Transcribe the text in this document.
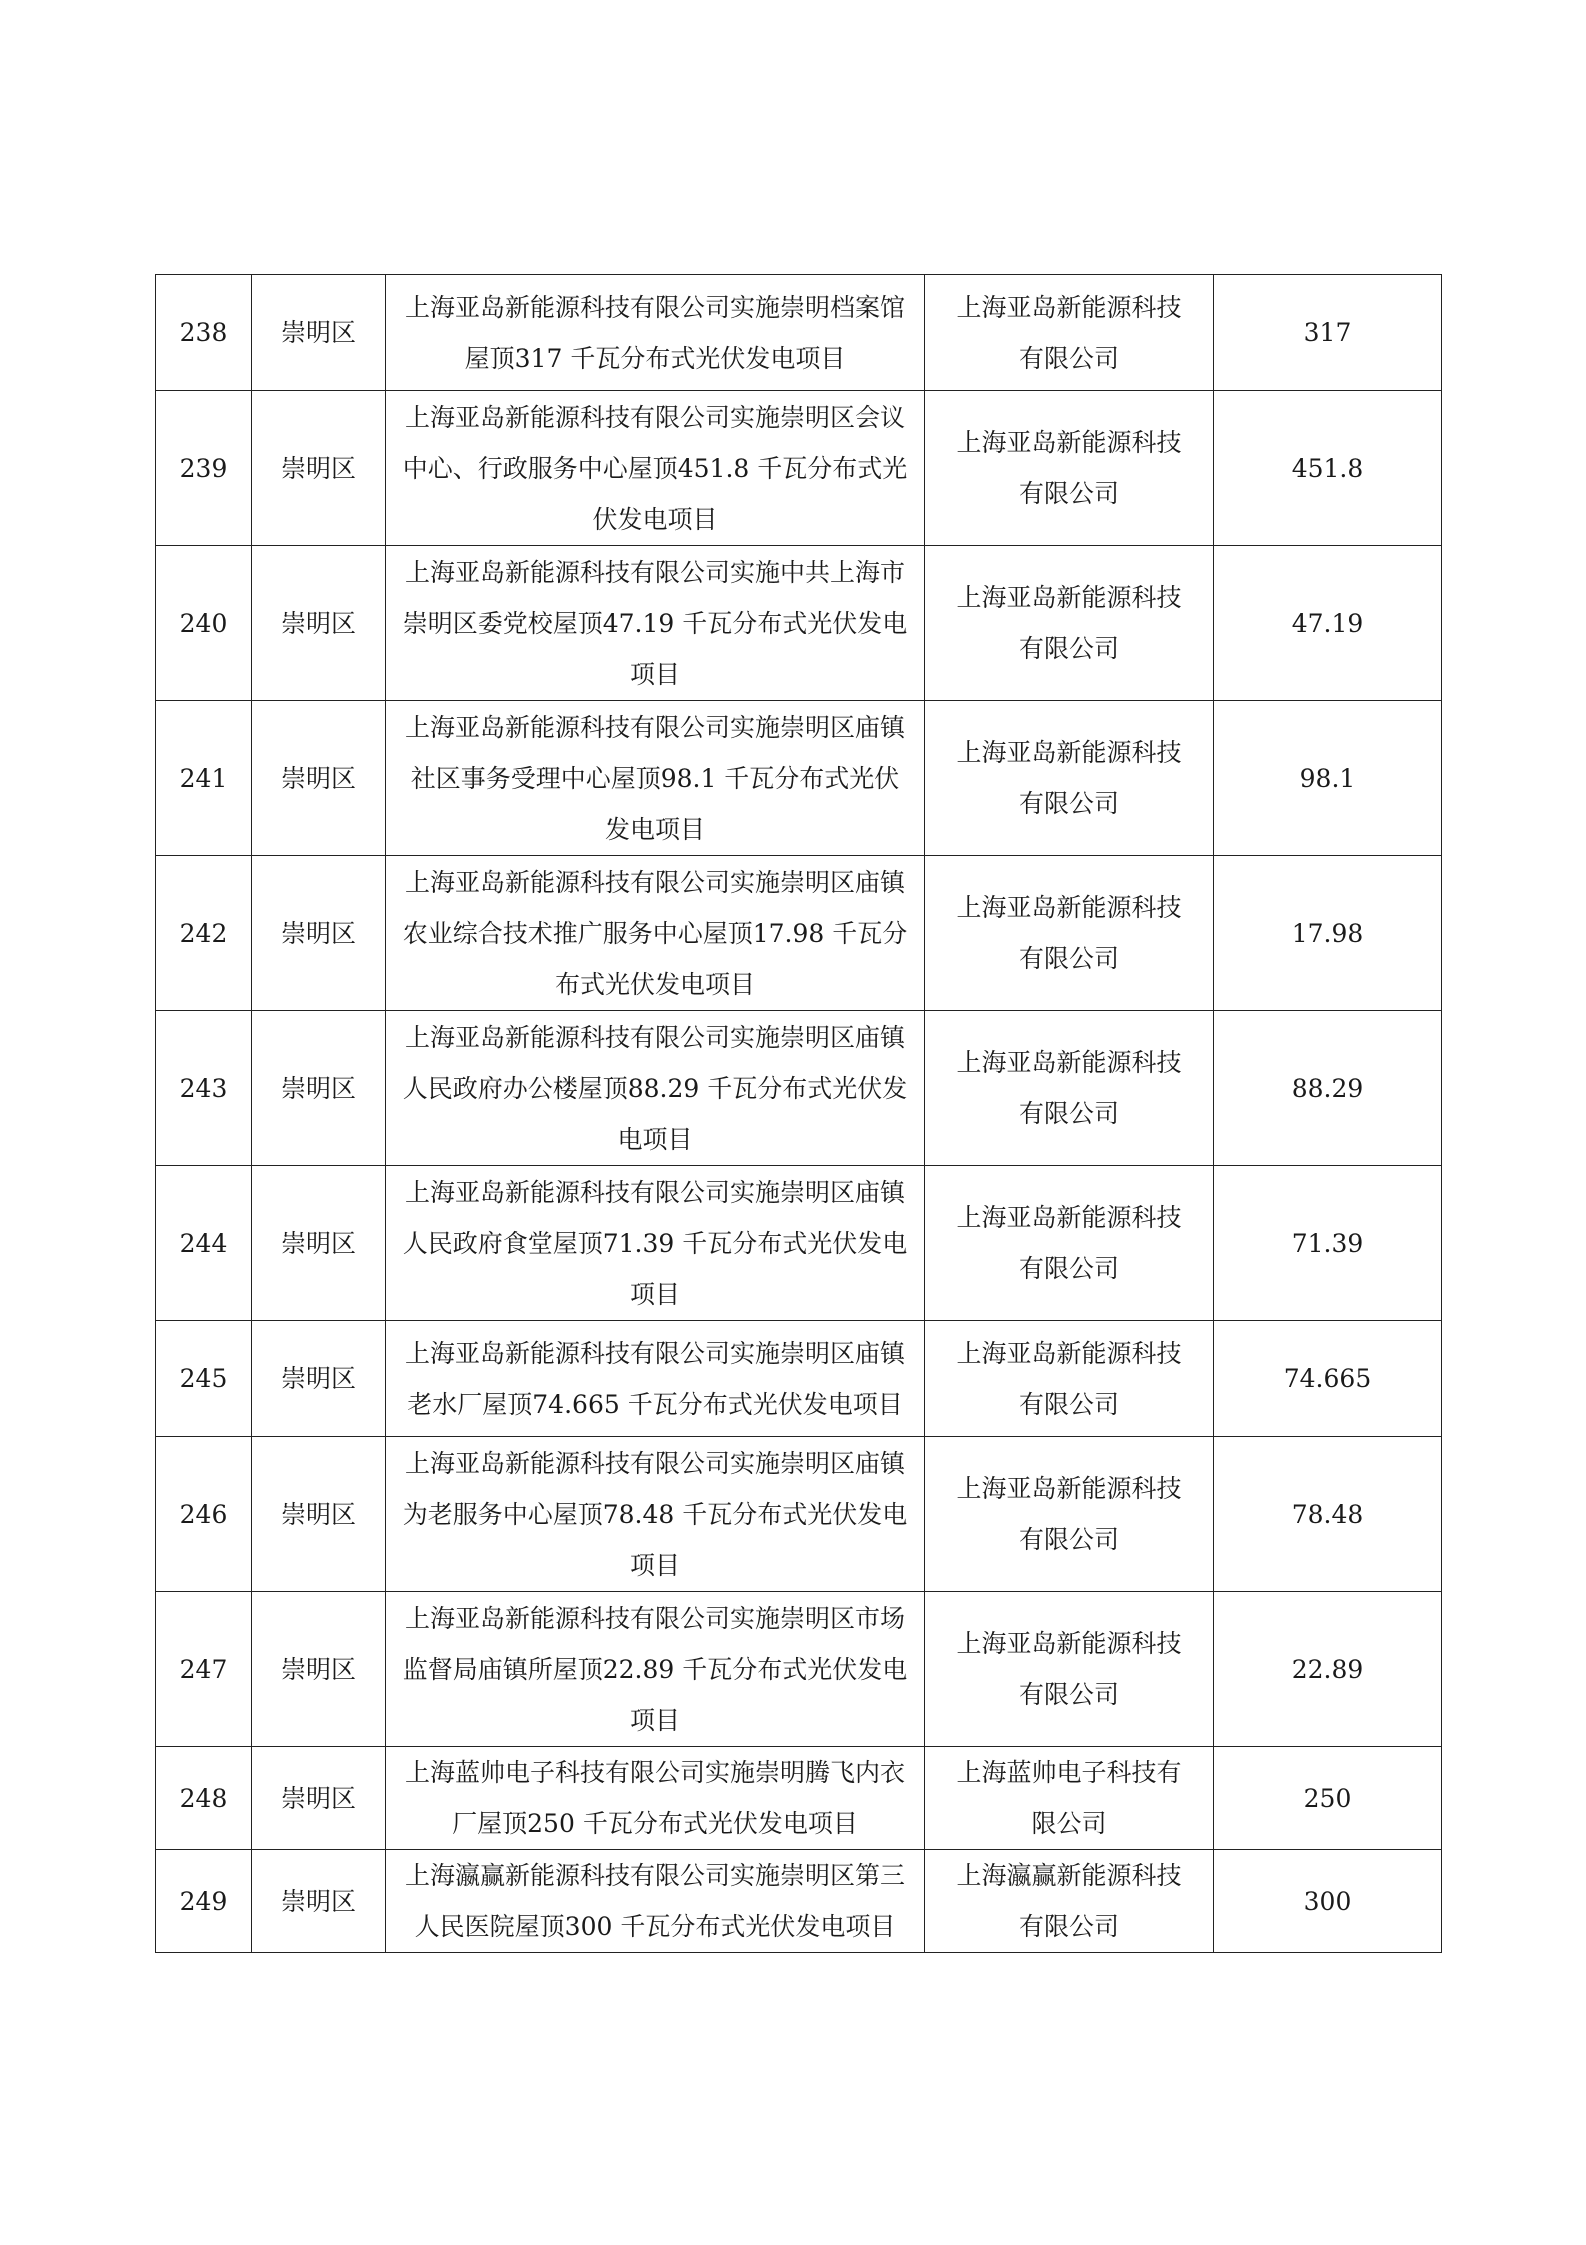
238	崇明区	上海亚岛新能源科技有限公司实施崇明档案馆屋顶317 千瓦分布式光伏发电项目	上海亚岛新能源科技有限公司	317
239	崇明区	上海亚岛新能源科技有限公司实施崇明区会议中心、行政服务中心屋顶451.8 千瓦分布式光伏发电项目	上海亚岛新能源科技有限公司	451.8
240	崇明区	上海亚岛新能源科技有限公司实施中共上海市崇明区委党校屋顶47.19 千瓦分布式光伏发电项目	上海亚岛新能源科技有限公司	47.19
241	崇明区	上海亚岛新能源科技有限公司实施崇明区庙镇社区事务受理中心屋顶98.1 千瓦分布式光伏发电项目	上海亚岛新能源科技有限公司	98.1
242	崇明区	上海亚岛新能源科技有限公司实施崇明区庙镇农业综合技术推广服务中心屋顶17.98 千瓦分布式光伏发电项目	上海亚岛新能源科技有限公司	17.98
243	崇明区	上海亚岛新能源科技有限公司实施崇明区庙镇人民政府办公楼屋顶88.29 千瓦分布式光伏发电项目	上海亚岛新能源科技有限公司	88.29
244	崇明区	上海亚岛新能源科技有限公司实施崇明区庙镇人民政府食堂屋顶71.39 千瓦分布式光伏发电项目	上海亚岛新能源科技有限公司	71.39
245	崇明区	上海亚岛新能源科技有限公司实施崇明区庙镇老水厂屋顶74.665 千瓦分布式光伏发电项目	上海亚岛新能源科技有限公司	74.665
246	崇明区	上海亚岛新能源科技有限公司实施崇明区庙镇为老服务中心屋顶78.48 千瓦分布式光伏发电项目	上海亚岛新能源科技有限公司	78.48
247	崇明区	上海亚岛新能源科技有限公司实施崇明区市场监督局庙镇所屋顶22.89 千瓦分布式光伏发电项目	上海亚岛新能源科技有限公司	22.89
248	崇明区	上海蓝帅电子科技有限公司实施崇明腾飞内衣厂屋顶250 千瓦分布式光伏发电项目	上海蓝帅电子科技有限公司	250
249	崇明区	上海瀛赢新能源科技有限公司实施崇明区第三人民医院屋顶300 千瓦分布式光伏发电项目	上海瀛赢新能源科技有限公司	300
